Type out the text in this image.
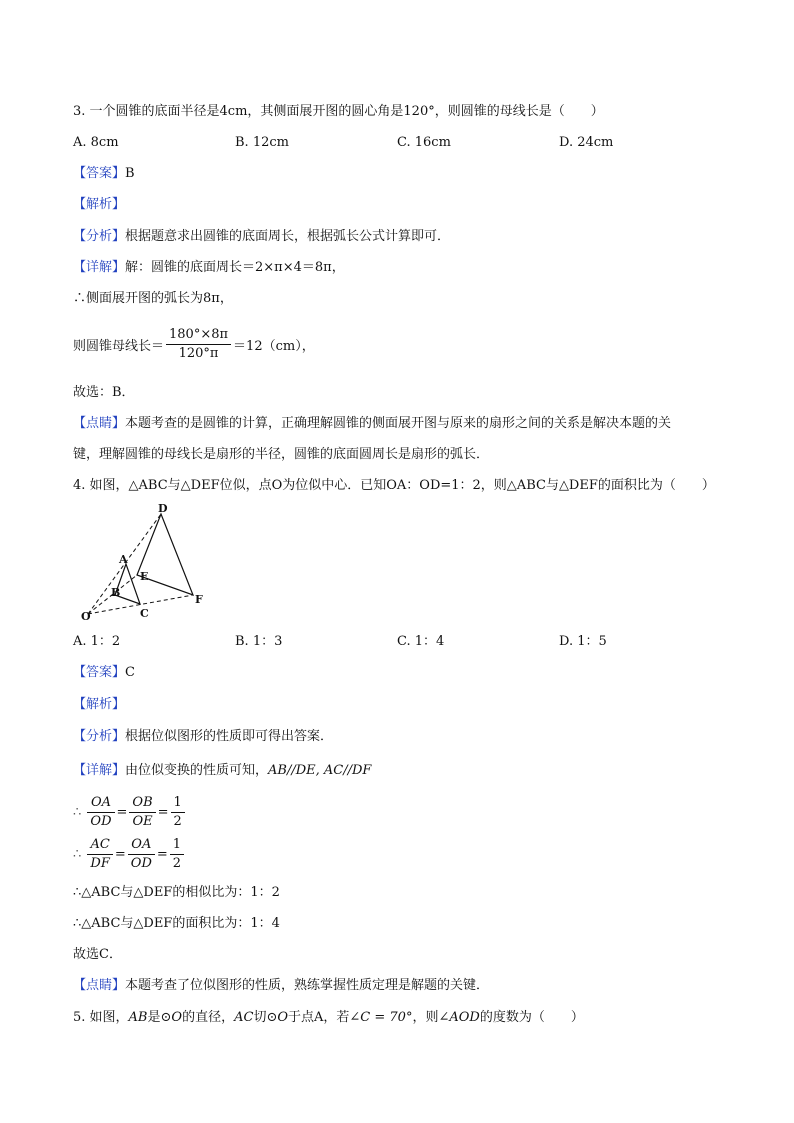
3. 一个圆锥的底面半径是4cm，其侧面展开图的圆心角是120°，则圆锥的母线长是（　　）
A. 8cm	B. 12cm	C. 16cm	D. 24cm
【答案】B
【解析】
【分析】根据题意求出圆锥的底面周长，根据弧长公式计算即可．
【详解】解：圆锥的底面周长＝2×π×4＝8π，
∴侧面展开图的弧长为8π，
则圆锥母线长＝ $\frac{180^\circ\times 8\pi}{120^\circ\pi} =12(cm)$，
故选：B．
【点睛】本题考查的是圆锥的计算，正确理解圆锥的侧面展开图与原来的扇形之间的关系是解决本题的关
键，理解圆锥的母线长是扇形的半径，圆锥的底面圆周长是扇形的弧长．
4. 如图，△ABC与△DEF位似，点O为位似中心．已知OA：OD=1：2，则△ABC与△DEF的面积比为（　　）
D
A
E
B
C
F
O
A. 1：2	B. 1：3	C. 1：4	D. 1：5
【答案】C
【解析】
【分析】根据位似图形的性质即可得出答案．
【详解】由位似变换的性质可知，AB//DE, AC//DF
∴ $\frac{OA}{OD} = \frac{OB}{OE} = \frac{1}{2}$
∴ $\frac{AC}{DF} = \frac{OA}{OD} = \frac{1}{2}$
∴△ABC与△DEF的相似比为：1：2
∴△ABC与△DEF的面积比为：1：4
故选C．
【点睛】本题考查了位似图形的性质，熟练掌握性质定理是解题的关键．
5. 如图，AB是⊙O的直径，AC切⊙O于点A，若∠C = 70°，则∠AOD的度数为（　　）
